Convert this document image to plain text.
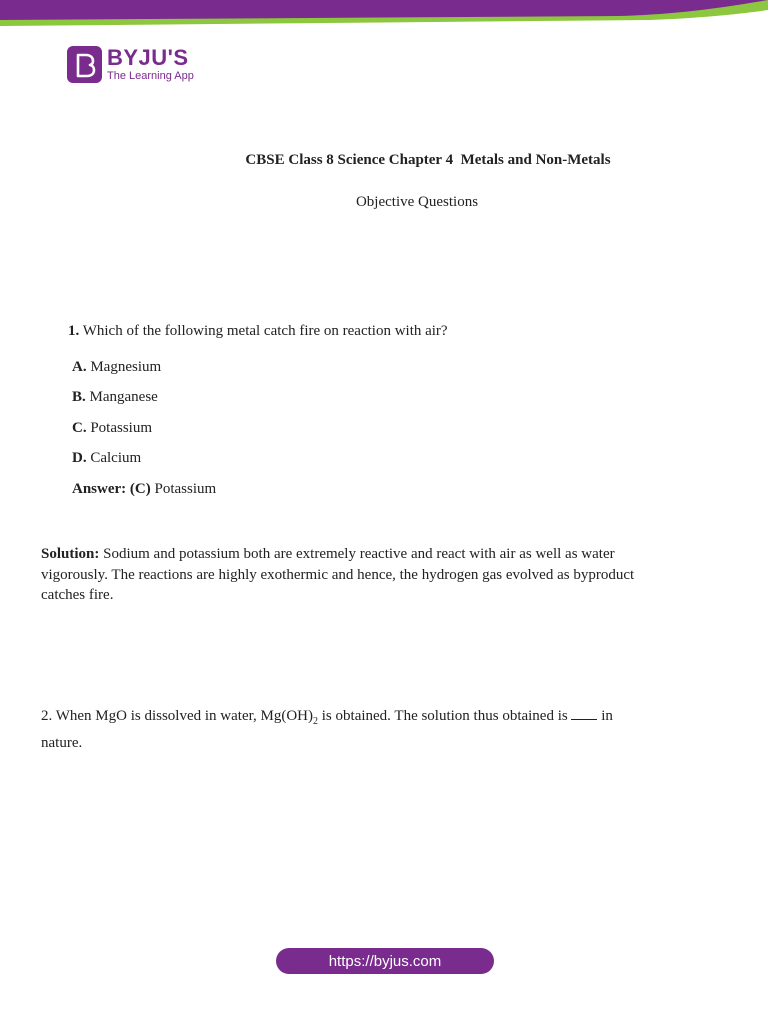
BYJU'S
The Learning App
CBSE Class 8 Science Chapter 4  Metals and Non-Metals
Objective Questions
1. Which of the following metal catch fire on reaction with air?
A. Magnesium
B. Manganese
C. Potassium
D. Calcium
Answer: (C) Potassium
Solution: Sodium and potassium both are extremely reactive and react with air as well as water vigorously. The reactions are highly exothermic and hence, the hydrogen gas evolved as byproduct catches fire.
2. When MgO is dissolved in water, $Mg(OH)_2$ is obtained. The solution thus obtained is  in nature.
https://byjus.com
